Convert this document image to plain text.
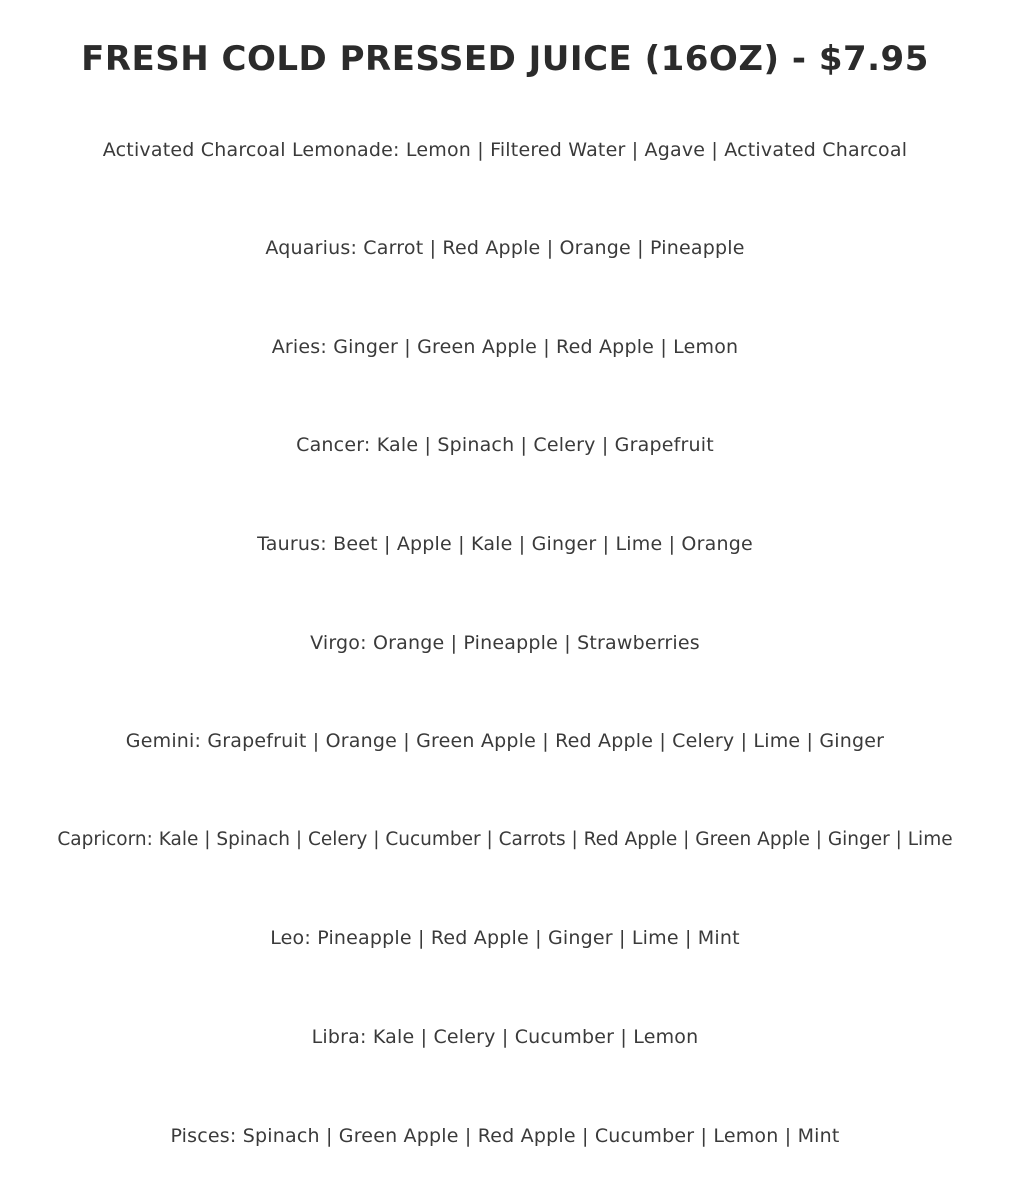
FRESH COLD PRESSED JUICE (16OZ) - $7.95
Activated Charcoal Lemonade: Lemon | Filtered Water | Agave | Activated Charcoal
Aquarius: Carrot | Red Apple | Orange | Pineapple
Aries: Ginger | Green Apple | Red Apple | Lemon
Cancer: Kale | Spinach | Celery | Grapefruit
Taurus: Beet | Apple | Kale | Ginger | Lime | Orange
Virgo: Orange | Pineapple | Strawberries
Gemini: Grapefruit | Orange | Green Apple | Red Apple | Celery | Lime | Ginger
Capricorn: Kale | Spinach | Celery | Cucumber | Carrots | Red Apple | Green Apple | Ginger | Lime
Leo: Pineapple | Red Apple | Ginger | Lime | Mint
Libra: Kale | Celery | Cucumber | Lemon
Pisces: Spinach | Green Apple | Red Apple | Cucumber | Lemon | Mint
